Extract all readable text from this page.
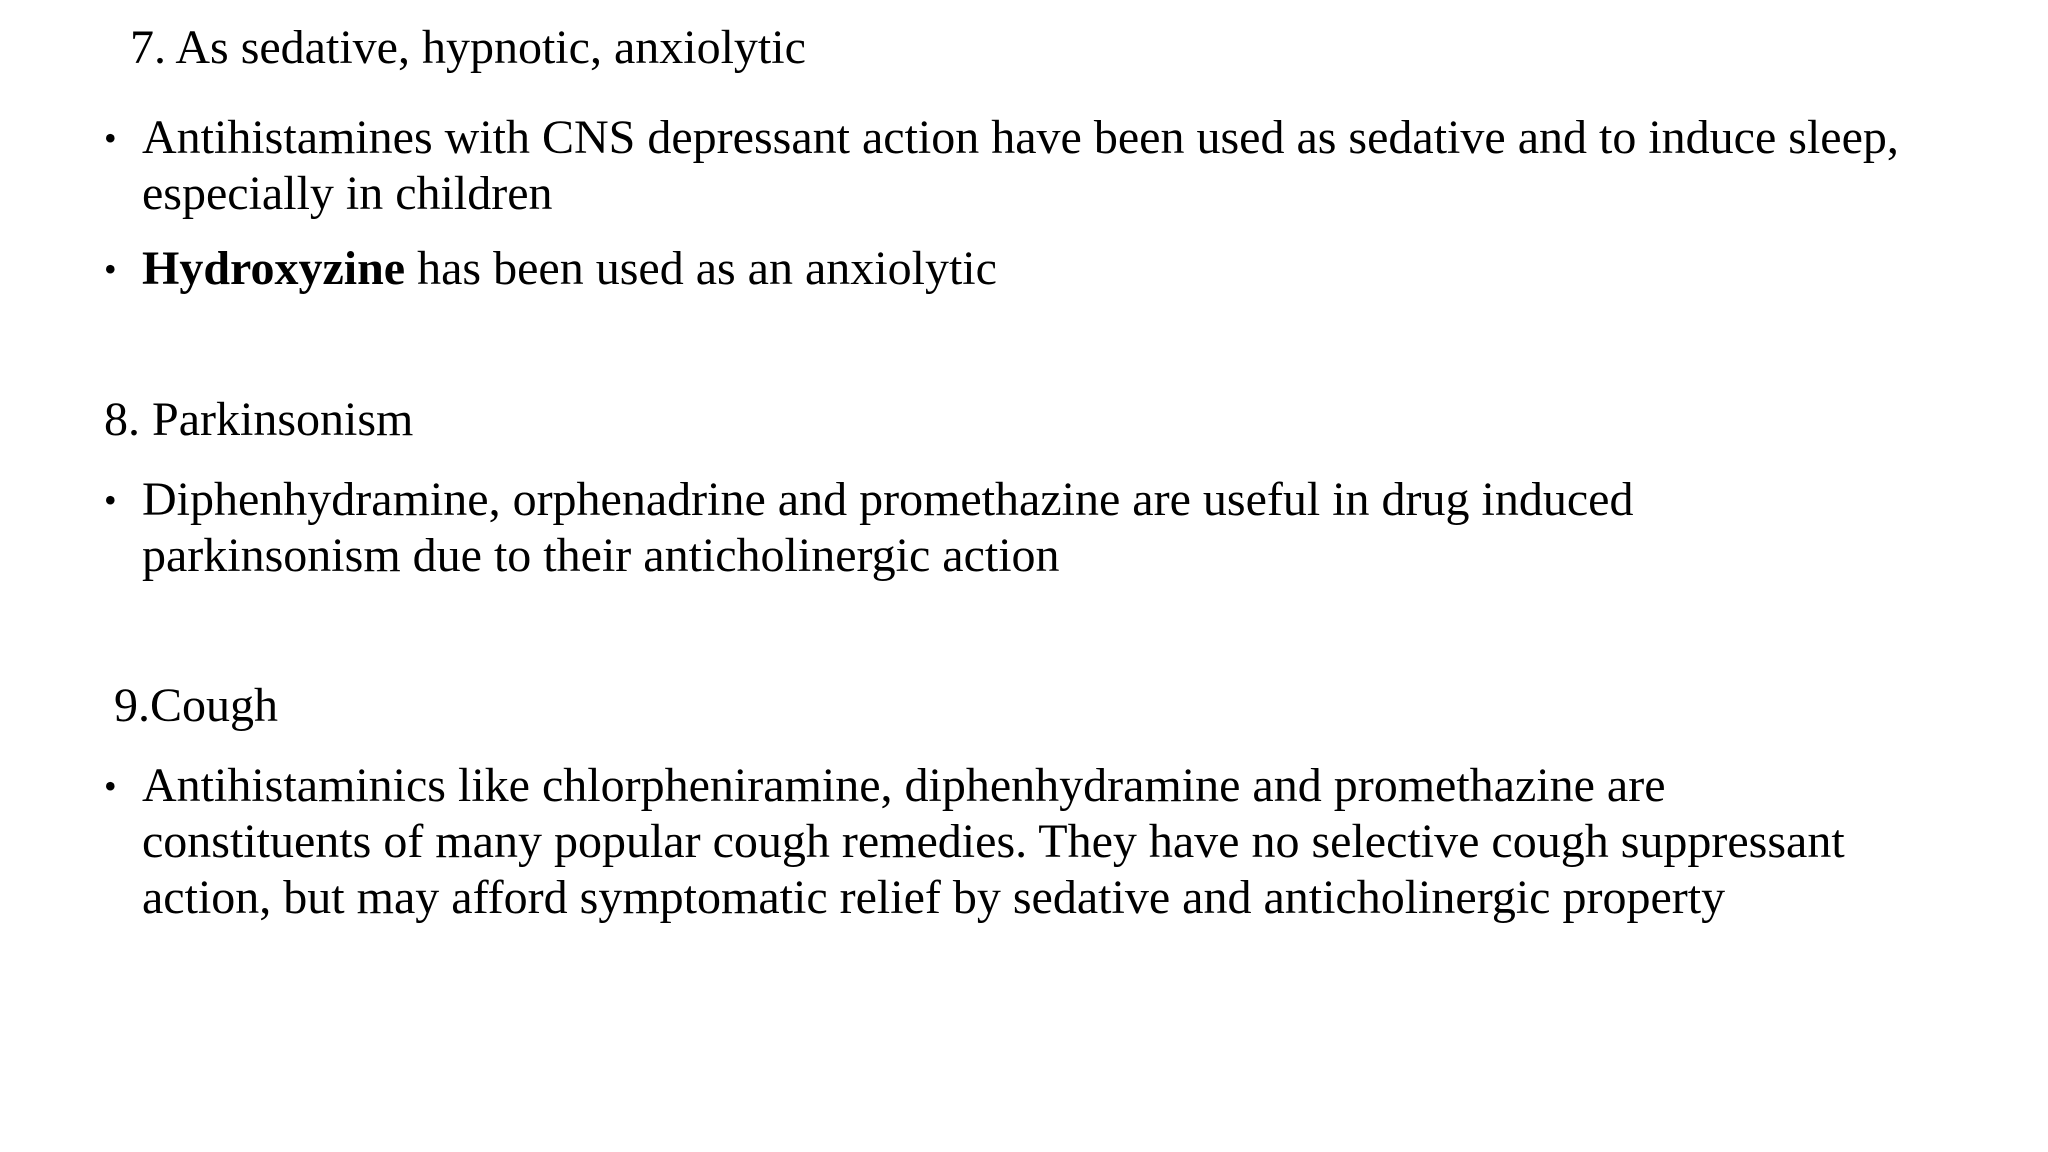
7. As sedative, hypnotic, anxiolytic
• Antihistamines with CNS depressant action have been used as sedative and to induce sleep,
especially in children
• Hydroxyzine has been used as an anxiolytic
8. Parkinsonism
• Diphenhydramine, orphenadrine and promethazine are useful in drug induced
parkinsonism due to their anticholinergic action
9.Cough
• Antihistaminics like chlorpheniramine, diphenhydramine and promethazine are
constituents of many popular cough remedies. They have no selective cough suppressant
action, but may afford symptomatic relief by sedative and anticholinergic property
